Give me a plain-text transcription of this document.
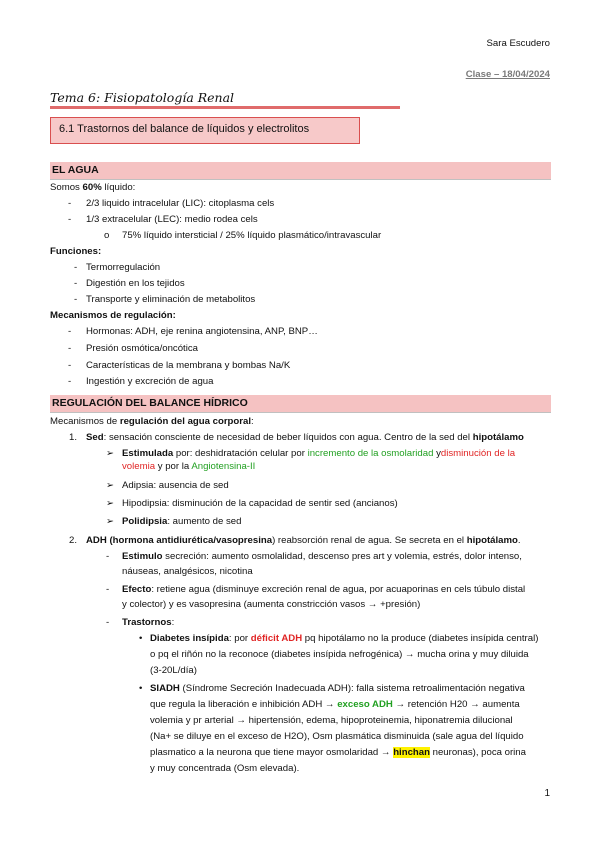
Sara Escudero
Clase – 18/04/2024
Tema 6: Fisiopatología Renal
6.1 Trastornos del balance de líquidos y electrolitos
EL AGUA
Somos 60% líquido:
- 2/3 liquido intracelular (LIC): citoplasma cels
- 1/3 extracelular (LEC): medio rodea cels
o 75% líquido intersticial / 25% líquido plasmático/intravascular
Funciones:
- Termorregulación
- Digestión en los tejidos
- Transporte y eliminación de metabolitos
Mecanismos de regulación:
- Hormonas: ADH, eje renina angiotensina, ANP, BNP…
- Presión osmótica/oncótica
- Características de la membrana y bombas Na/K
- Ingestión y excreción de agua
REGULACIÓN DEL BALANCE HÍDRICO
Mecanismos de regulación del agua corporal:
1. Sed: sensación consciente de necesidad de beber líquidos con agua. Centro de la sed del hipotálamo
➢ Estimulada por: deshidratación celular por incremento de la osmolaridad ydisminución de la
volemia y por la Angiotensina-II
➢ Adipsia: ausencia de sed
➢ Hipodipsia: disminución de la capacidad de sentir sed (ancianos)
➢ Polidipsia: aumento de sed
2. ADH (hormona antidiurética/vasopresina) reabsorción renal de agua. Se secreta en el hipotálamo.
- Estimulo secreción: aumento osmolalidad, descenso pres art y volemia, estrés, dolor intenso,
náuseas, analgésicos, nicotina
- Efecto: retiene agua (disminuye excreción renal de agua, por acuaporinas en cels túbulo distal
y colector) y es vasopresina (aumenta constricción vasos → +presión)
- Trastornos:
• Diabetes insípida: por déficit ADH pq hipotálamo no la produce (diabetes insípida central)
o pq el riñón no la reconoce (diabetes insípida nefrogénica) → mucha orina y muy diluida
(3-20L/día)
• SIADH (Síndrome Secreción Inadecuada ADH): falla sistema retroalimentación negativa
que regula la liberación e inhibición ADH → exceso ADH → retención H20 → aumenta
volemia y pr arterial → hipertensión, edema, hipoproteinemia, hiponatremia dilucional
(Na+ se diluye en el exceso de H2O), Osm plasmática disminuida (sale agua del líquido
plasmatico a la neurona que tiene mayor osmolaridad → hinchan neuronas), poca orina
y muy concentrada (Osm elevada).
1
